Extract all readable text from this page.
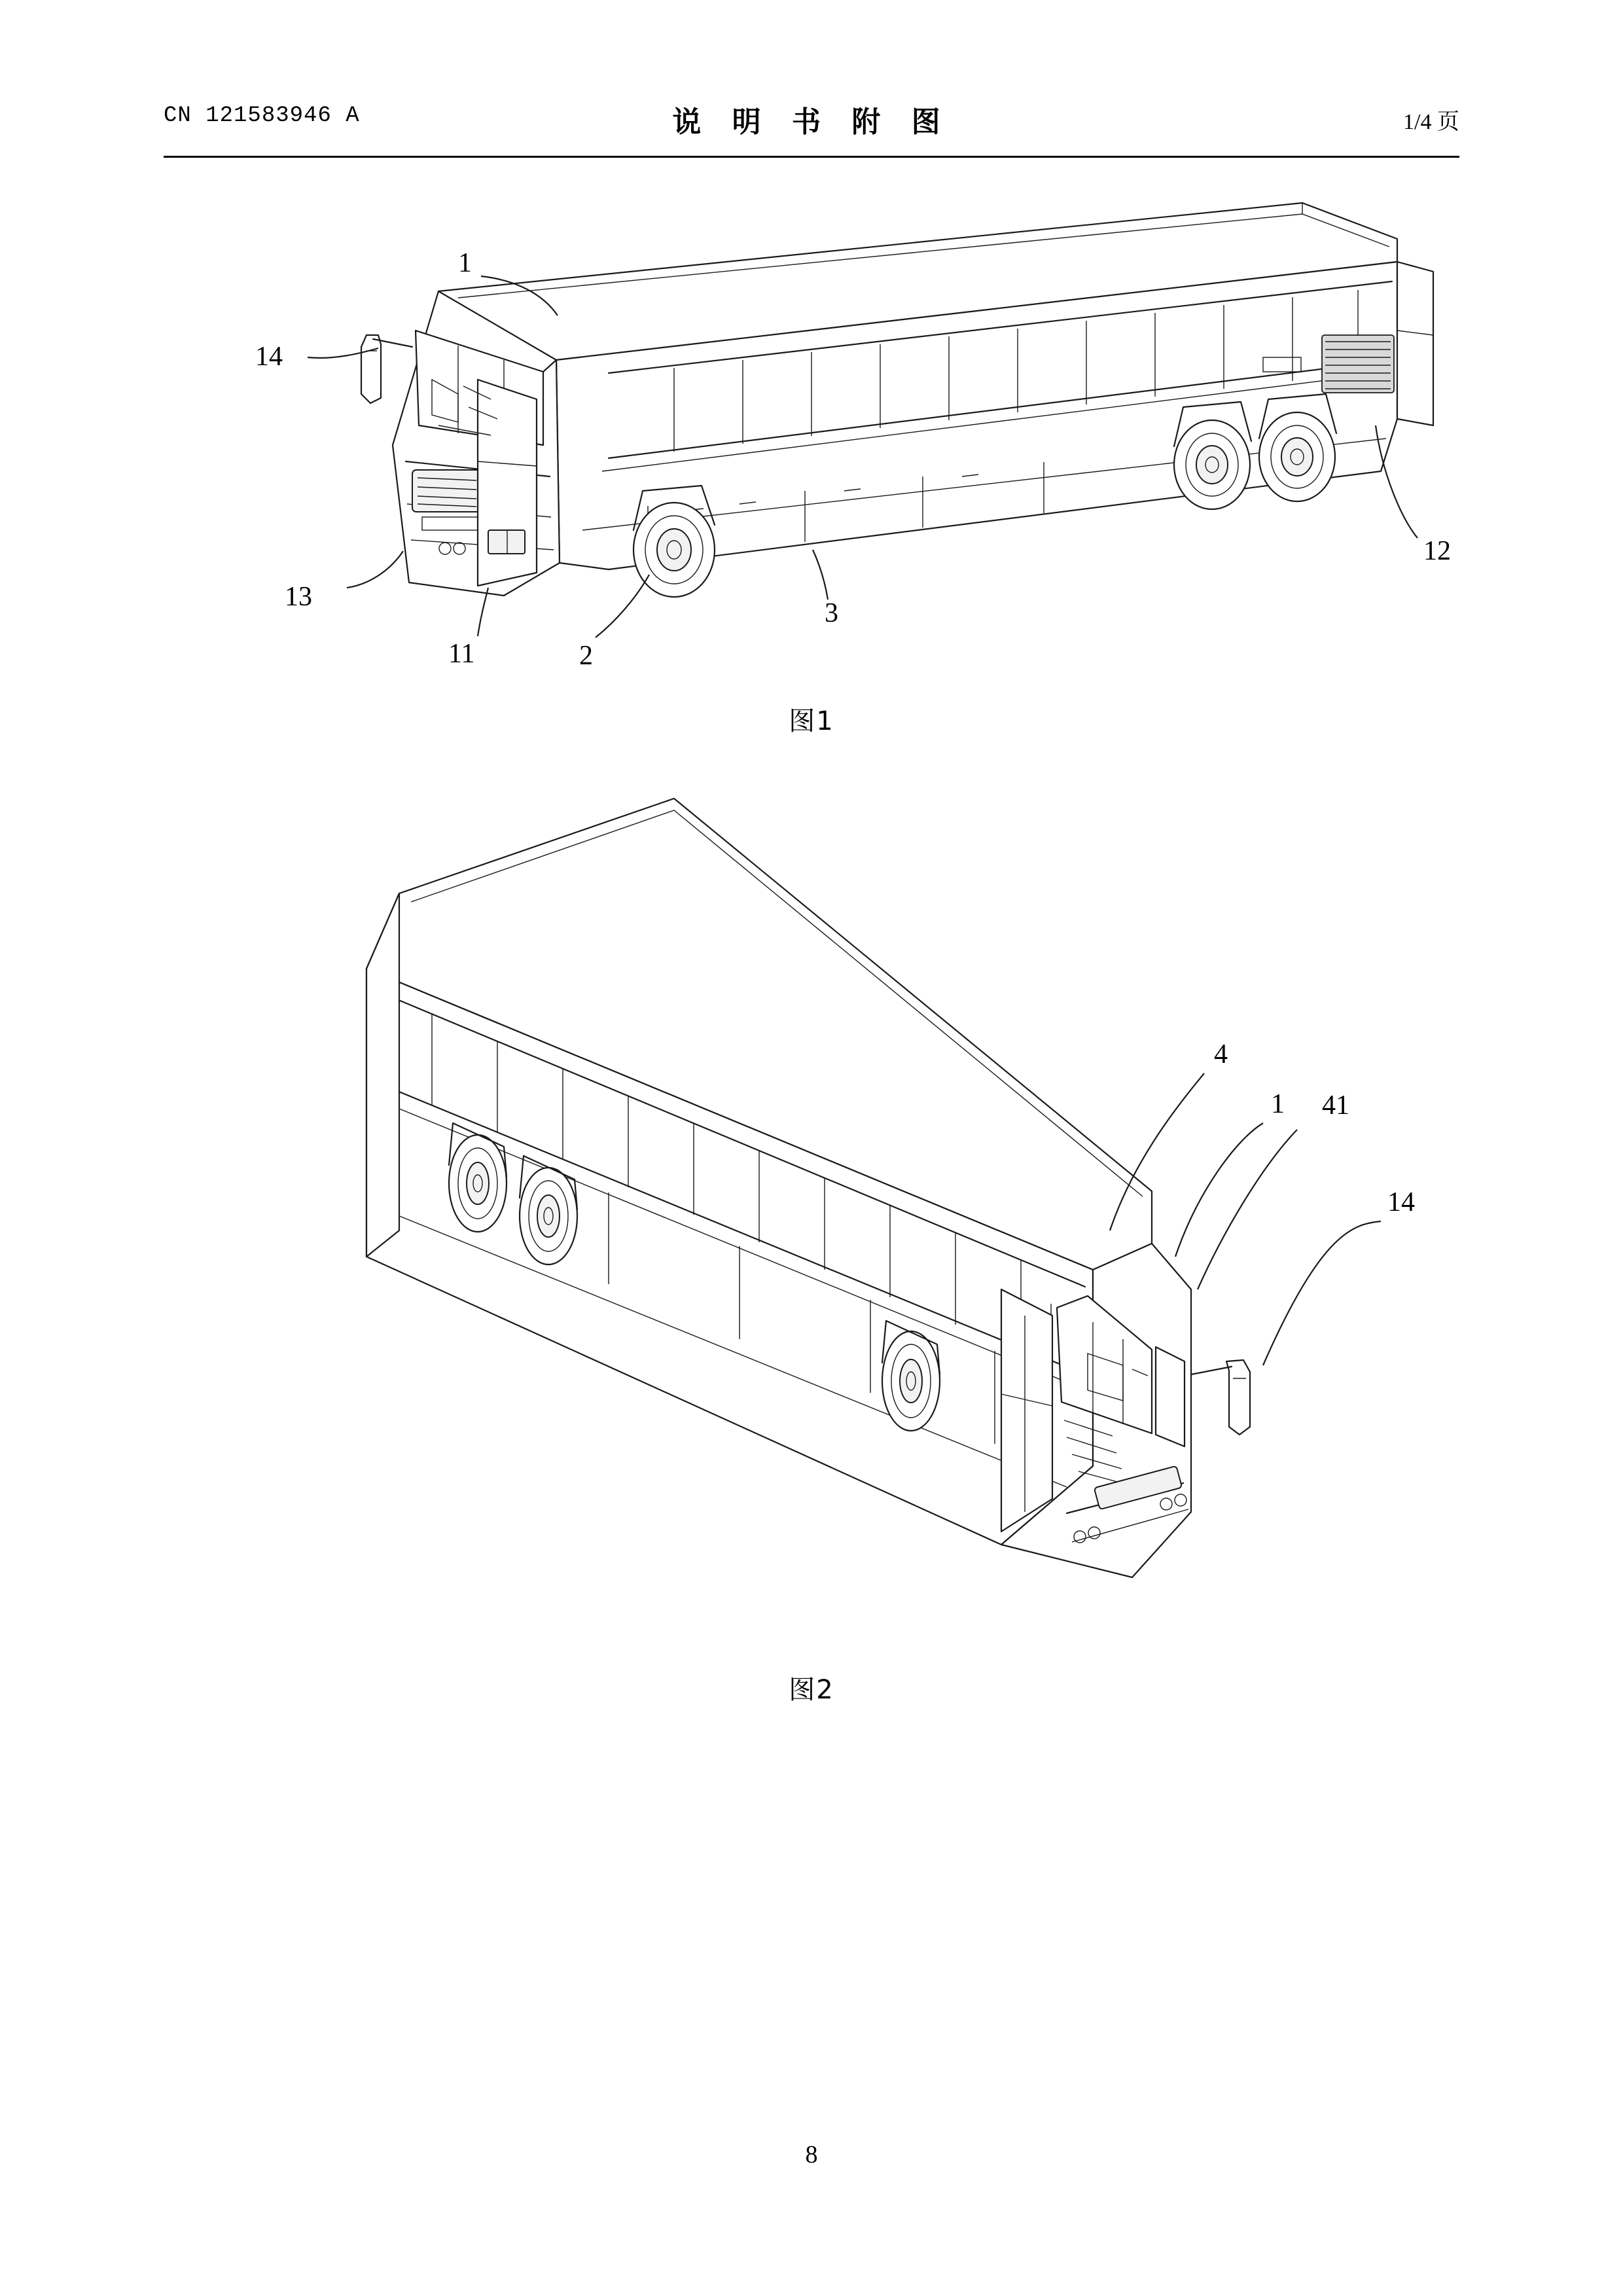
CN 121583946 A	说 明 书 附 图	1/4 页
1
14
13
11	2
3
12
图1
4
1 41
14
图2
8
